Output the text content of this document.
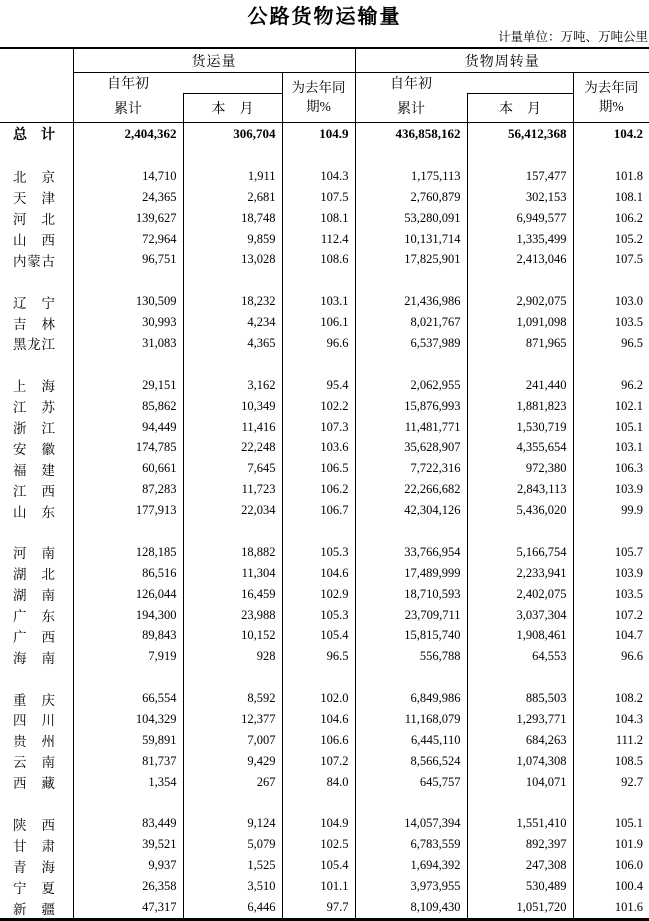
公路货物运输量
计量单位：万吨、万吨公里
	货运量			货物周转量		
	自年初		为去年同期%	自年初		为去年同期%
	累计	本　月		累计	本　月	
总计	2,404,362	306,704	104.9	436,858,162	56,412,368	104.2

北京	14,710	1,911	104.3	1,175,113	157,477	101.8
天津	24,365	2,681	107.5	2,760,879	302,153	108.1
河北	139,627	18,748	108.1	53,280,091	6,949,577	106.2
山西	72,964	9,859	112.4	10,131,714	1,335,499	105.2
内蒙古	96,751	13,028	108.6	17,825,901	2,413,046	107.5

辽宁	130,509	18,232	103.1	21,436,986	2,902,075	103.0
吉林	30,993	4,234	106.1	8,021,767	1,091,098	103.5
黑龙江	31,083	4,365	96.6	6,537,989	871,965	96.5

上海	29,151	3,162	95.4	2,062,955	241,440	96.2
江苏	85,862	10,349	102.2	15,876,993	1,881,823	102.1
浙江	94,449	11,416	107.3	11,481,771	1,530,719	105.1
安徽	174,785	22,248	103.6	35,628,907	4,355,654	103.1
福建	60,661	7,645	106.5	7,722,316	972,380	106.3
江西	87,283	11,723	106.2	22,266,682	2,843,113	103.9
山东	177,913	22,034	106.7	42,304,126	5,436,020	99.9

河南	128,185	18,882	105.3	33,766,954	5,166,754	105.7
湖北	86,516	11,304	104.6	17,489,999	2,233,941	103.9
湖南	126,044	16,459	102.9	18,710,593	2,402,075	103.5
广东	194,300	23,988	105.3	23,709,711	3,037,304	107.2
广西	89,843	10,152	105.4	15,815,740	1,908,461	104.7
海南	7,919	928	96.5	556,788	64,553	96.6

重庆	66,554	8,592	102.0	6,849,986	885,503	108.2
四川	104,329	12,377	104.6	11,168,079	1,293,771	104.3
贵州	59,891	7,007	106.6	6,445,110	684,263	111.2
云南	81,737	9,429	107.2	8,566,524	1,074,308	108.5
西藏	1,354	267	84.0	645,757	104,071	92.7

陕西	83,449	9,124	104.9	14,057,394	1,551,410	105.1
甘肃	39,521	5,079	102.5	6,783,559	892,397	101.9
青海	9,937	1,525	105.4	1,694,392	247,308	106.0
宁夏	26,358	3,510	101.1	3,973,955	530,489	100.4
新疆	47,317	6,446	97.7	8,109,430	1,051,720	101.6
